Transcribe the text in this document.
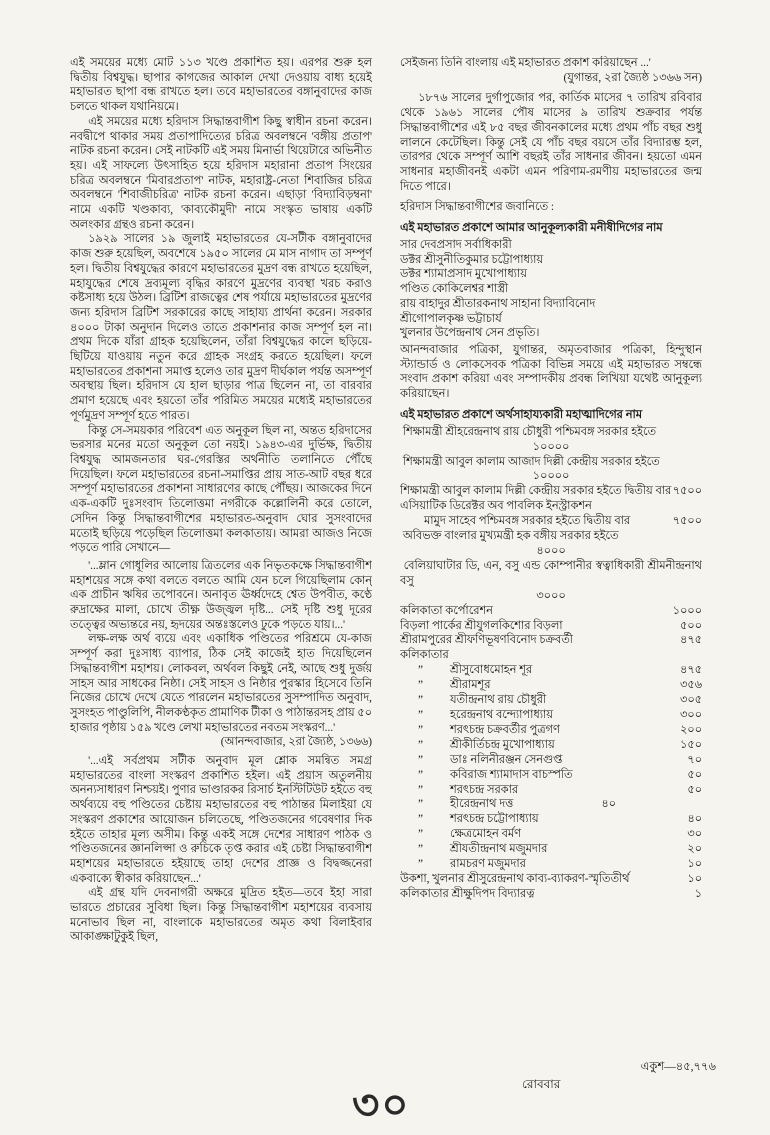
এই সময়ের মধ্যে মোট ১১৩ খণ্ডে প্রকাশিত হয়। এরপর শুরু হল দ্বিতীয় বিশ্বযুদ্ধ। ছাপার কাগজের আকাল দেখা দেওয়ায় বাধ্য হয়েই মহাভারত ছাপা বন্ধ রাখতে হল। তবে মহাভারতের বঙ্গানুবাদের কাজ চলতে থাকল যথানিয়মে।

এই সময়ের মধ্যে হরিদাস সিদ্ধান্তবাগীশ কিছু স্বাধীন রচনা করেন। নবদ্বীপে থাকার সময় প্রতাপাদিত্যের চরিত্র অবলম্বনে 'বঙ্গীয় প্রতাপ' নাটক রচনা করেন। সেই নাটকটি এই সময় মিনার্ভা থিয়েটারে অভিনীত হয়। এই সাফল্যে উৎসাহিত হয়ে হরিদাস মহারানা প্রতাপ সিংয়ের চরিত্র অবলম্বনে 'মিবারপ্রতাপ' নাটক, মহারাষ্ট্র-নেতা শিবাজির চরিত্র অবলম্বনে 'শিবাজীচরিত্র' নাটক রচনা করেন। এছাড়া 'বিদ্যাবিড়ম্বনা' নামে একটি খণ্ডকাব্য, 'কাব্যকৌমুদী' নামে সংস্কৃত ভাষায় একটি অলংকার গ্রন্থও রচনা করেন।

১৯২৯ সালের ১৯ জুলাই মহাভারতের যে-সটীক বঙ্গানুবাদের কাজ শুরু হয়েছিল, অবশেষে ১৯৫০ সালের মে মাস নাগাদ তা সম্পূর্ণ হল। দ্বিতীয় বিশ্বযুদ্ধের কারণে মহাভারতের মুদ্রণ বন্ধ রাখতে হয়েছিল, মহাযুদ্ধের শেষে দ্রব্যমূল্য বৃদ্ধির কারণে মুদ্রণের ব্যবস্থা খরচ করাও কষ্টসাধ্য হয়ে উঠল। ব্রিটিশ রাজত্বের শেষ পর্যায়ে মহাভারতের মুদ্রণের জন্য হরিদাস ব্রিটিশ সরকারের কাছে সাহায্য প্রার্থনা করেন। সরকার ৪০০০ টাকা অনুদান দিলেও তাতে প্রকাশনার কাজ সম্পূর্ণ হল না। প্রথম দিকে যাঁরা গ্রাহক হয়েছিলেন, তাঁরা বিশ্বযুদ্ধের কালে ছড়িয়ে-ছিটিয়ে যাওয়ায় নতুন করে গ্রাহক সংগ্রহ করতে হয়েছিল। ফলে মহাভারতের প্রকাশনা সমাপ্ত হলেও তার মুদ্রণ দীর্ঘকাল পর্যন্ত অসম্পূর্ণ অবস্থায় ছিল। হরিদাস যে হাল ছাড়ার পাত্র ছিলেন না, তা বারবার প্রমাণ হয়েছে এবং হয়তো তাঁর পরিমিত সময়ের মধ্যেই মহাভারতের পূর্ণমুদ্রণ সম্পূর্ণ হতে পারত।

কিন্তু সে-সময়কার পরিবেশ এত অনুকূল ছিল না, অন্তত হরিদাসের ভরসার মনের মতো অনুকূল তো নয়ই। ১৯৪৩-এর দুর্ভিক্ষ, দ্বিতীয় বিশ্বযুদ্ধ আমজনতার ঘর-গেরস্তির অর্থনীতি তলানিতে পৌঁছে দিয়েছিল। ফলে মহাভারতের রচনা-সমাপ্তির প্রায় সাত-আট বছর ধরে সম্পূর্ণ মহাভারতের প্রকাশনা সাধারণের কাছে পৌঁছয়। আজকের দিনে এক-একটি দুঃসংবাদ তিলোত্তমা নগরীকে কল্লোলিনী করে তোলে, সেদিন কিন্তু সিদ্ধান্তবাগীশের মহাভারত-অনুবাদ ঘোর সুসংবাদের মতোই ছড়িয়ে পড়েছিল তিলোত্তমা কলকাতায়। আমরা আজও নিজে পড়তে পারি সেখানে—

'...ম্লান গোধূলির আলোয় ত্রিতলের এক নিভৃতকক্ষে সিদ্ধান্তবাগীশ মহাশয়ের সঙ্গে কথা বলতে বলতে আমি যেন চলে গিয়েছিলাম কোন্‌ এক প্রাচীন ঋষির তপোবনে। অনাবৃত ঊর্ধ্বদেহে শ্বেত উপবীত, কণ্ঠে রুদ্রাক্ষের মালা, চোখে তীক্ষ্ণ উজ্জ্বল দৃষ্টি... সেই দৃষ্টি শুধু দূরের তত্ত্বের অভ্যন্তরে নয়, হৃদয়ের অন্তঃস্তলেও ঢুকে পড়তে যায়।...'

লক্ষ-লক্ষ অর্থ ব্যয়ে এবং একাধিক পণ্ডিতের পরিশ্রমে যে-কাজ সম্পূর্ণ করা দুঃসাধ্য ব্যাপার, ঠিক সেই কাজেই হাত দিয়েছিলেন সিদ্ধান্তবাগীশ মহাশয়। লোকবল, অর্থবল কিছুই নেই, আছে শুধু দুর্জয় সাহস আর সাধকের নিষ্ঠা। সেই সাহস ও নিষ্ঠার পুরস্কার হিসেবে তিনি নিজের চোখে দেখে যেতে পারলেন মহাভারতের সুসম্পাদিত অনুবাদ, সুসংহত পাণ্ডুলিপি, নীলকণ্ঠকৃত প্রামাণিক টীকা ও পাঠান্তরসহ প্রায় ৫০ হাজার পৃষ্ঠায় ১৫৯ খণ্ডে লেখা মহাভারতের নবতম সংস্করণ...'

(আনন্দবাজার, ২রা জ্যৈষ্ঠ, ১৩৬৬)

'...এই সর্বপ্রথম সটীক অনুবাদ মূল শ্লোক সমন্বিত সমগ্র মহাভারতের বাংলা সংস্করণ প্রকাশিত হইল। এই প্রয়াস অতুলনীয় অনন্যসাধারণ নিশ্চয়ই। পুণার ভাণ্ডারকর রিসার্চ ইনস্টিটিউট হইতে বহু অর্থব্যয়ে বহু পণ্ডিতের চেষ্টায় মহাভারতের বহু পাঠান্তর মিলাইয়া যে সংস্করণ প্রকাশের আয়োজন চলিতেছে, পণ্ডিতজনের গবেষণার দিক হইতে তাহার মূল্য অসীম। কিন্তু একই সঙ্গে দেশের সাধারণ পাঠক ও পণ্ডিতজনের জ্ঞানলিপ্সা ও রুচিকে তৃপ্ত করার এই চেষ্টা সিদ্ধান্তবাগীশ মহাশয়ের মহাভারতে হইয়াছে তাহা দেশের প্রাজ্ঞ ও বিদ্বজ্জনেরা একবাক্যে স্বীকার করিয়াছেন...'

এই গ্রন্থ যদি দেবনাগরী অক্ষরে মুদ্রিত হইত—তবে ইহা সারা ভারতে প্রচারের সুবিধা ছিল। কিন্তু সিদ্ধান্তবাগীশ মহাশয়ের ব্যবসায় মনোভাব ছিল না, বাংলাকে মহাভারতের অমৃত কথা বিলাইবার আকাঙ্ক্ষাটুকুই ছিল,

সেইজন্য তিনি বাংলায় এই মহাভারত প্রকাশ করিয়াছেন ...'

(যুগান্তর, ২রা জ্যৈষ্ঠ ১৩৬৬ সন)

১৮৭৬ সালের দুর্গাপুজোর পর, কার্তিক মাসের ৭ তারিখ রবিবার থেকে ১৯৬১ সালের পৌষ মাসের ৯ তারিখ শুক্রবার পর্যন্ত সিদ্ধান্তবাগীশের এই ৮৫ বছর জীবনকালের মধ্যে প্রথম পাঁচ বছর শুধু লালনে কেটেছিল। কিন্তু সেই যে পাঁচ বছর বয়সে তাঁর বিদ্যারম্ভ হল, তারপর থেকে সম্পূর্ণ আশি বছরই তাঁর সাধনার জীবন। হয়তো এমন সাধনার মহাজীবনই একটা এমন পরিণাম-রমণীয় মহাভারতের জন্ম দিতে পারে।

হরিদাস সিদ্ধান্তবাগীশের জবানিতে :

এই মহাভারত প্রকাশে আমার আনুকূল্যকারী মনীষীদিগের নাম
সার দেবপ্রসাদ সর্বাধিকারী
ডক্টর শ্রীসুনীতিকুমার চট্টোপাধ্যায়
ডক্টর শ্যামাপ্রসাদ মুখোপাধ্যায়
পণ্ডিত কোকিলেশ্বর শাস্ত্রী
রায় বাহাদুর শ্রীতারকনাথ সাহানা বিদ্যাবিনোদ
শ্রীগোপালকৃষ্ণ ভট্টাচার্য
খুলনার উপেন্দ্রনাথ সেন প্রভৃতি।

আনন্দবাজার পত্রিকা, যুগান্তর, অমৃতবাজার পত্রিকা, হিন্দুস্থান স্ট্যান্ডার্ড ও লোকসেবক পত্রিকা বিভিন্ন সময়ে এই মহাভারত সম্বন্ধে সংবাদ প্রকাশ করিয়া এবং সম্পাদকীয় প্রবন্ধ লিখিয়া যথেষ্ট আনুকূল্য করিয়াছেন।

এই মহাভারত প্রকাশে অর্থসাহায্যকারী মহাত্মাদিগের নাম
শিক্ষামন্ত্রী শ্রীহরেন্দ্রনাথ রায় চৌধুরী পশ্চিমবঙ্গ সরকার হইতে
১০০০০
শিক্ষামন্ত্রী আবুল কালাম আজাদ দিল্লী কেন্দ্রীয় সরকার হইতে
১০০০০
শিক্ষামন্ত্রী আবুল কালাম দিল্লী কেন্দ্রীয় সরকার হইতে দ্বিতীয় বার ৭৫০০
এসিয়াটিক ডিরেক্টর অব পাবলিক ইনস্ট্রাকশন
মামুদ সাহেব পশ্চিমবঙ্গ সরকার হইতে দ্বিতীয় বার	৭৫০০
অবিভক্ত বাংলার মুখ্যমন্ত্রী হক বঙ্গীয় সরকার হইতে
৪০০০
বেলিয়াঘাটার ডি, এন, বসু এন্ড কোম্পানীর স্বত্বাধিকারী শ্রীমনীন্দ্রনাথ বসু
৩০০০
কলিকাতা কর্পোরেশন	১০০০
বিড়লা পার্কের শ্রীযুগলকিশোর বিড়লা	৫০০
শ্রীরামপুরের শ্রীফণিভূষণবিনোদ চক্রবর্তী	৪৭৫
কলিকাতার
”	শ্রীসুবোধমোহন শূর	৪৭৫
”	শ্রীরামশূর	৩৫৬
”	যতীন্দ্রনাথ রায় চৌধুরী	৩০৫
”	হরেন্দ্রনাথ বন্দ্যোপাধ্যায়	৩০০
”	শরৎচন্দ্র চক্রবর্তীর পুত্রগণ	২০০
”	শ্রীকীর্তিচন্দ্র মুখোপাধ্যায়	১৫০
”	ডাঃ নলিনীরঞ্জন সেনগুপ্ত	৭০
”	কবিরাজ শ্যামাদাস বাচস্পতি	৫০
”	শরৎচন্দ্র সরকার	৫০
”	হীরেন্দ্রনাথ দত্ত	৪০
”	শরৎচন্দ্র চট্টোপাধ্যায়	৪০
”	ক্ষেত্রমোহন বর্মণ	৩০
”	শ্রীযতীন্দ্রনাথ মজুমদার	২০
”	রামচরণ মজুমদার	১০
উকশা, খুলনার শ্রীসুরেন্দ্রনাথ কাব্য-ব্যাকরণ-স্মৃতিতীর্থ	১০
কলিকাতার শ্রীক্ষুদিপদ বিদ্যারত্ন	১
একুশ—৪৫,৭৭৬
রোববার
৩০
